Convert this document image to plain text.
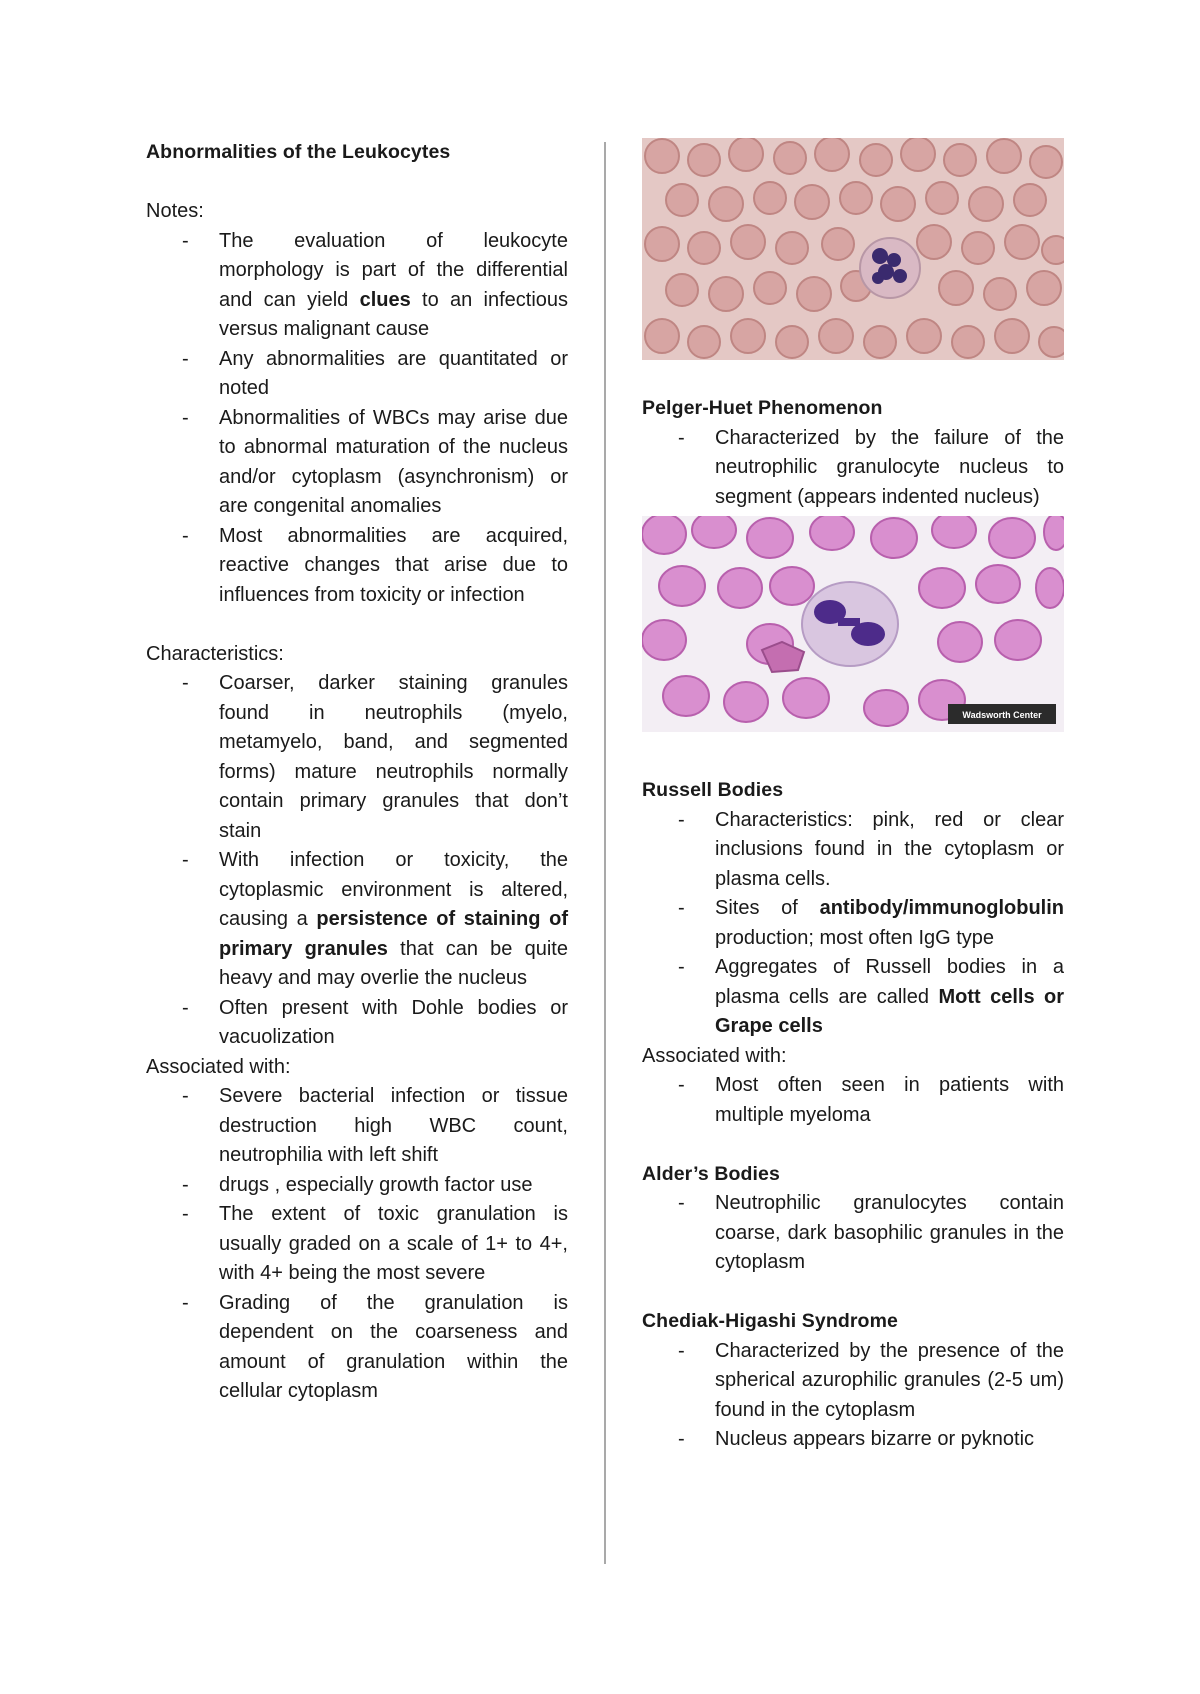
Abnormalities of the Leukocytes

Notes:

- The evaluation of leukocyte morphology is part of the differential and can yield clues to an infectious versus malignant cause
- Any abnormalities are quantitated or noted
- Abnormalities of WBCs may arise due to abnormal maturation of the nucleus and/or cytoplasm (asynchronism) or are congenital anomalies
- Most abnormalities are acquired, reactive changes that arise due to influences from toxicity or infection

Characteristics:

- Coarser, darker staining granules found in neutrophils (myelo, metamyelo, band, and segmented forms) mature neutrophils normally contain primary granules that don’t stain
- With infection or toxicity, the cytoplasmic environment is altered, causing a persistence of staining of primary granules that can be quite heavy and may overlie the nucleus
- Often present with Dohle bodies or vacuolization

Associated with:

- Severe bacterial infection or tissue destruction high WBC count, neutrophilia with left shift
- drugs , especially growth factor use
- The extent of toxic granulation is usually graded on a scale of 1+ to 4+, with 4+ being the most severe
- Grading of the granulation is dependent on the coarseness and amount of granulation within the cellular cytoplasm

Pelger-Huet Phenomenon

- Characterized by the failure of the neutrophilic granulocyte nucleus to segment (appears indented nucleus)
Wadsworth Center

Russell Bodies

- Characteristics: pink, red or clear inclusions found in the cytoplasm or plasma cells.
- Sites of antibody/immunoglobulin production; most often IgG type
- Aggregates of Russell bodies in a plasma cells are called Mott cells or Grape cells

Associated with:

- Most often seen in patients with multiple myeloma

Alder’s Bodies

- Neutrophilic granulocytes contain coarse, dark basophilic granules in the cytoplasm

Chediak-Higashi Syndrome

- Characterized by the presence of the spherical azurophilic granules (2-5 um) found in the cytoplasm
- Nucleus appears bizarre or pyknotic
